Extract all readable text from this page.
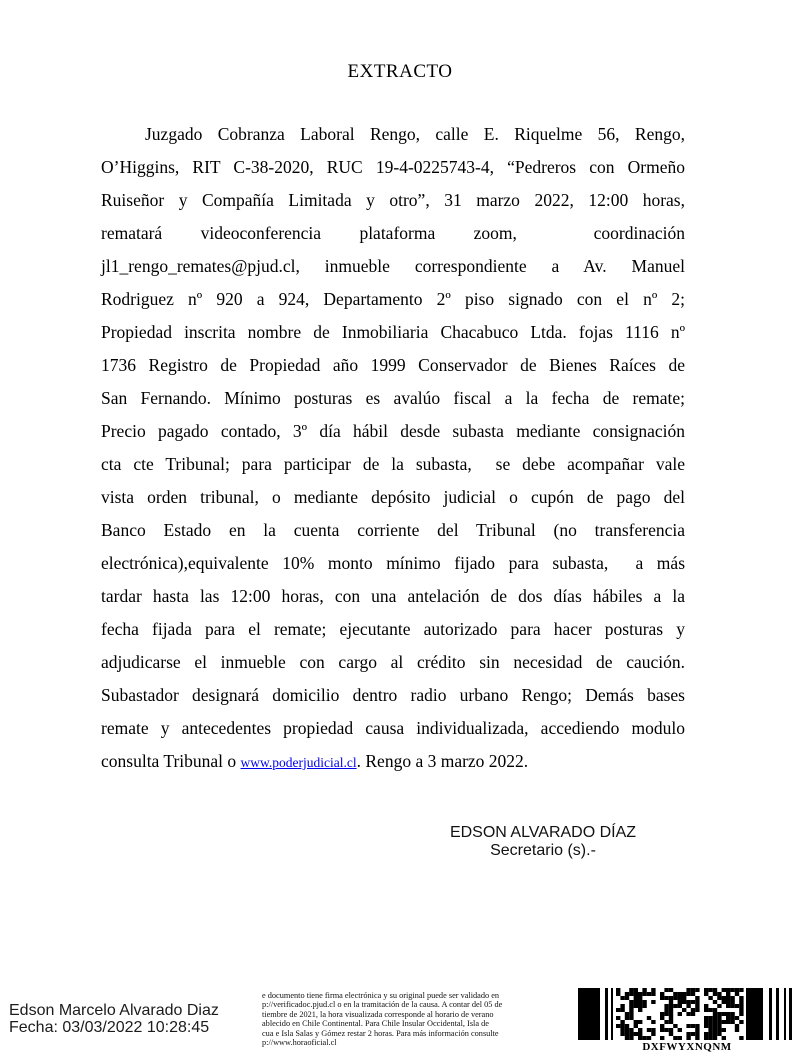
EXTRACTO
Juzgado Cobranza Laboral Rengo, calle E. Riquelme 56, Rengo,
O’Higgins, RIT C-38-2020, RUC 19-4-0225743-4, “Pedreros con Ormeño
Ruiseñor y Compañía Limitada y otro”, 31 marzo 2022, 12:00 horas,
rematará videoconferencia plataforma zoom,  coordinación
jl1_rengo_remates@pjud.cl, inmueble correspondiente a Av. Manuel
Rodriguez nº 920 a 924, Departamento 2º piso signado con el nº 2;
Propiedad inscrita nombre de Inmobiliaria Chacabuco Ltda. fojas 1116 nº
1736 Registro de Propiedad año 1999 Conservador de Bienes Raíces de
San Fernando. Mínimo posturas es avalúo fiscal a la fecha de remate;
Precio pagado contado, 3º día hábil desde subasta mediante consignación
cta cte Tribunal; para participar de la subasta,  se debe acompañar vale
vista orden tribunal, o mediante depósito judicial o cupón de pago del
Banco Estado en la cuenta corriente del Tribunal (no transferencia
electrónica),equivalente 10% monto mínimo fijado para subasta,  a más
tardar hasta las 12:00 horas, con una antelación de dos días hábiles a la
fecha fijada para el remate; ejecutante autorizado para hacer posturas y
adjudicarse el inmueble con cargo al crédito sin necesidad de caución.
Subastador designará domicilio dentro radio urbano Rengo; Demás bases
remate y antecedentes propiedad causa individualizada, accediendo modulo
consulta Tribunal o www.poderjudicial.cl. Rengo a 3 marzo 2022.
EDSON ALVARADO DÍAZ
Secretario (s).-
Edson Marcelo Alvarado Diaz
Fecha: 03/03/2022 10:28:45
e documento tiene firma electrónica y su original puede ser validado en
p://verificadoc.pjud.cl o en la tramitación de la causa. A contar del 05 de
tiembre de 2021, la hora visualizada corresponde al horario de verano
ablecido en Chile Continental. Para Chile Insular Occidental, Isla de
cua e Isla Salas y Gómez restar 2 horas. Para más información consulte
p://www.horaoficial.cl	DXFWYXNQNM
